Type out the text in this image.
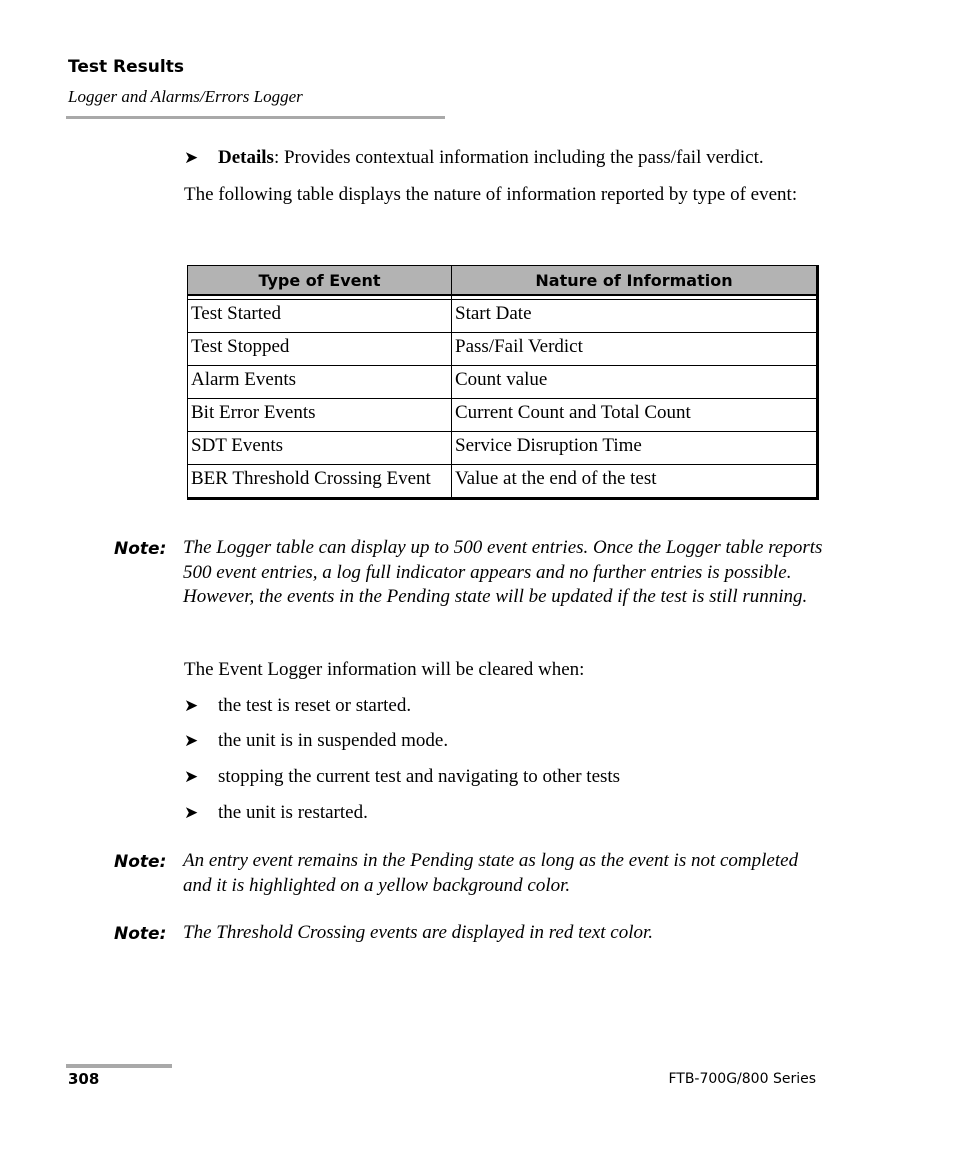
Test Results
Logger and Alarms/Errors Logger
➤ Details: Provides contextual information including the pass/fail verdict.
The following table displays the nature of information reported by type of event:
Type of Event	Nature of Information

Test Started	Start Date
Test Stopped	Pass/Fail Verdict
Alarm Events	Count value
Bit Error Events	Current Count and Total Count
SDT Events	Service Disruption Time
BER Threshold Crossing Event	Value at the end of the test
Note: The Logger table can display up to 500 event entries. Once the Logger table reports 500 event entries, a log full indicator appears and no further entries is possible. However, the events in the Pending state will be updated if the test is still running.
The Event Logger information will be cleared when:
➤ the test is reset or started.
➤ the unit is in suspended mode.
➤ stopping the current test and navigating to other tests
➤ the unit is restarted.
Note: An entry event remains in the Pending state as long as the event is not completed and it is highlighted on a yellow background color.
Note: The Threshold Crossing events are displayed in red text color.
308	FTB-700G/800 Series
